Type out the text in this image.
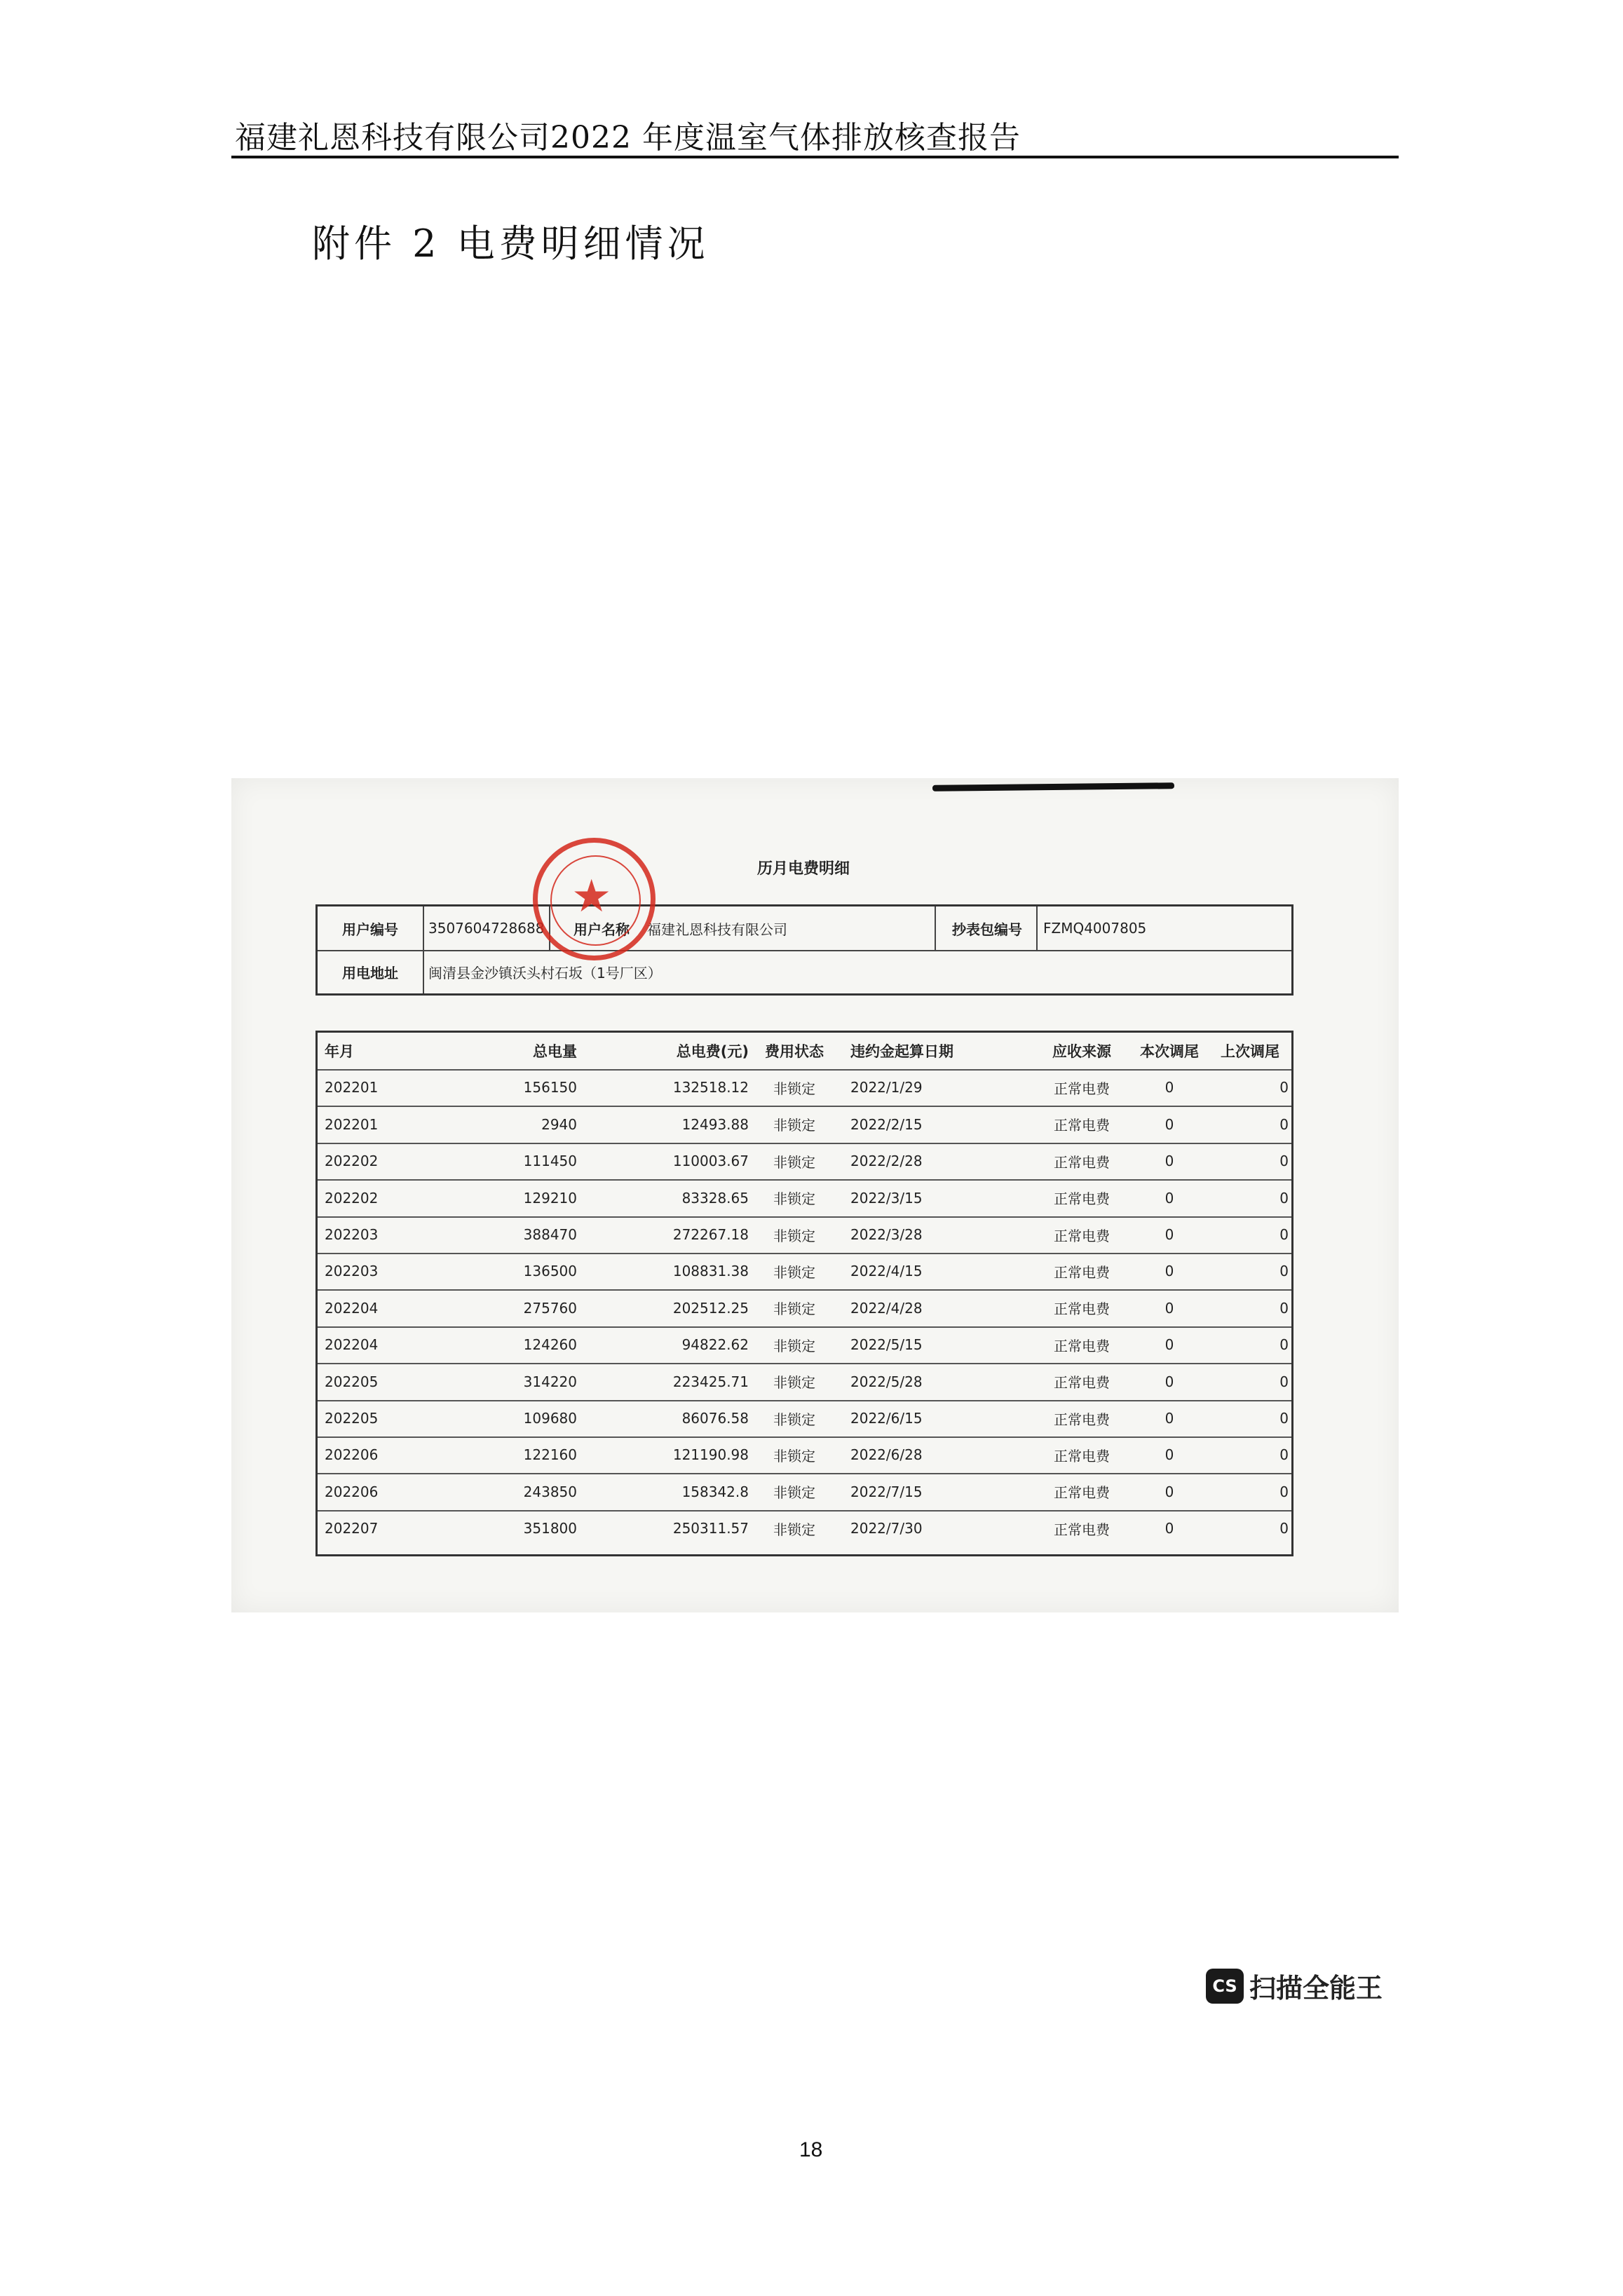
福建礼恩科技有限公司2022 年度温室气体排放核查报告
附件 2 电费明细情况
历月电费明细
用户编号	3507604728688	用户名称	福建礼恩科技有限公司	抄表包编号	FZMQ4007805
用电地址	闽清县金沙镇沃头村石坂（1号厂区）
★
年月	总电量	总电费(元)	费用状态	违约金起算日期	应收来源	本次调尾	上次调尾
202201	156150	132518.12	非锁定	2022/1/29	正常电费	0	0
202201	2940	12493.88	非锁定	2022/2/15	正常电费	0	0
202202	111450	110003.67	非锁定	2022/2/28	正常电费	0	0
202202	129210	83328.65	非锁定	2022/3/15	正常电费	0	0
202203	388470	272267.18	非锁定	2022/3/28	正常电费	0	0
202203	136500	108831.38	非锁定	2022/4/15	正常电费	0	0
202204	275760	202512.25	非锁定	2022/4/28	正常电费	0	0
202204	124260	94822.62	非锁定	2022/5/15	正常电费	0	0
202205	314220	223425.71	非锁定	2022/5/28	正常电费	0	0
202205	109680	86076.58	非锁定	2022/6/15	正常电费	0	0
202206	122160	121190.98	非锁定	2022/6/28	正常电费	0	0
202206	243850	158342.8	非锁定	2022/7/15	正常电费	0	0
202207	351800	250311.57	非锁定	2022/7/30	正常电费	0	0
CS 扫描全能王
18
